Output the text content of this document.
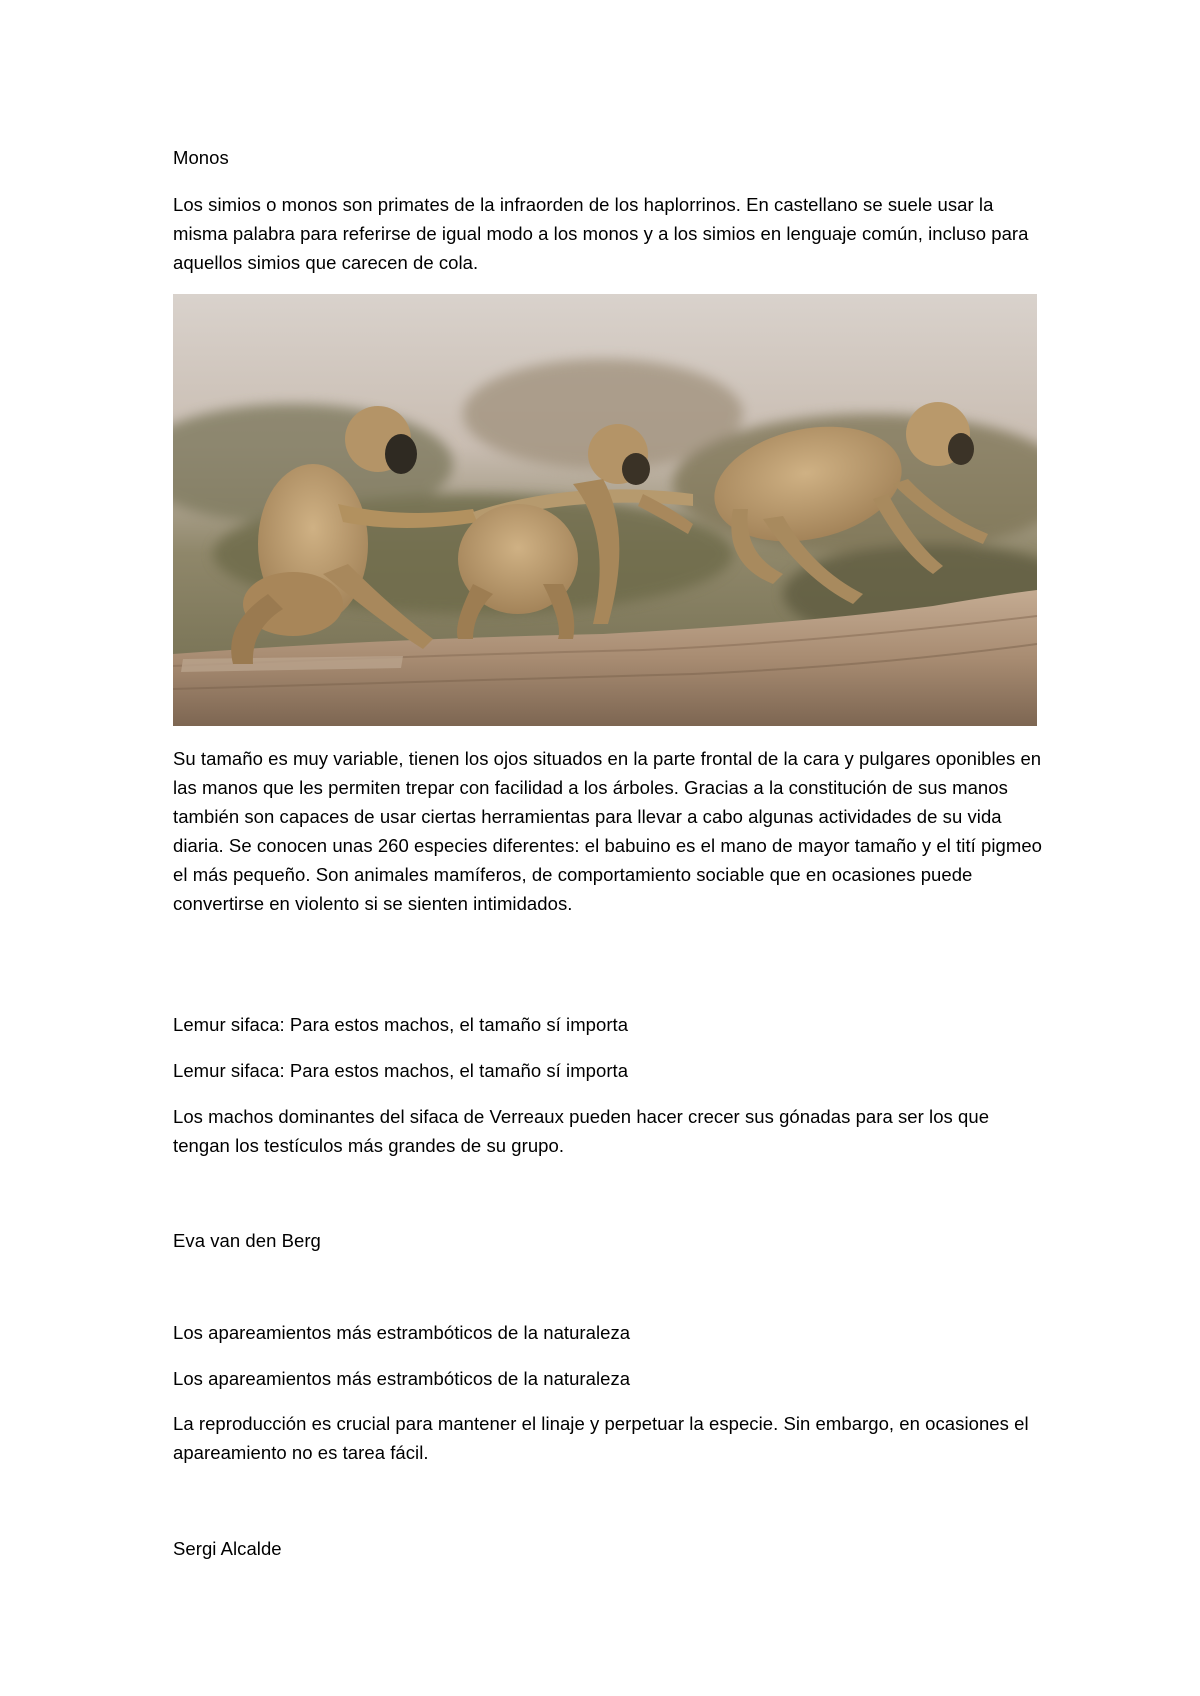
Monos

Los simios o monos son primates de la infraorden de los haplorrinos. En castellano se suele usar la misma palabra para referirse de igual modo a los monos y a los simios en lenguaje común, incluso para aquellos simios que carecen de cola.

Su tamaño es muy variable, tienen los ojos situados en la parte frontal de la cara y pulgares oponibles en las manos que les permiten trepar con facilidad a los árboles. Gracias a la constitución de sus manos también son capaces de usar ciertas herramientas para llevar a cabo algunas actividades de su vida diaria. Se conocen unas 260 especies diferentes: el babuino es el mano de mayor tamaño y el tití pigmeo el más pequeño. Son animales mamíferos, de comportamiento sociable que en ocasiones puede convertirse en violento si se sienten intimidados.

Lemur sifaca: Para estos machos, el tamaño sí importa

Lemur sifaca: Para estos machos, el tamaño sí importa

Los machos dominantes del sifaca de Verreaux pueden hacer crecer sus gónadas para ser los que tengan los testículos más grandes de su grupo.

Eva van den Berg

Los apareamientos más estrambóticos de la naturaleza

Los apareamientos más estrambóticos de la naturaleza

La reproducción es crucial para mantener el linaje y perpetuar la especie. Sin embargo, en ocasiones el apareamiento no es tarea fácil.

Sergi Alcalde
